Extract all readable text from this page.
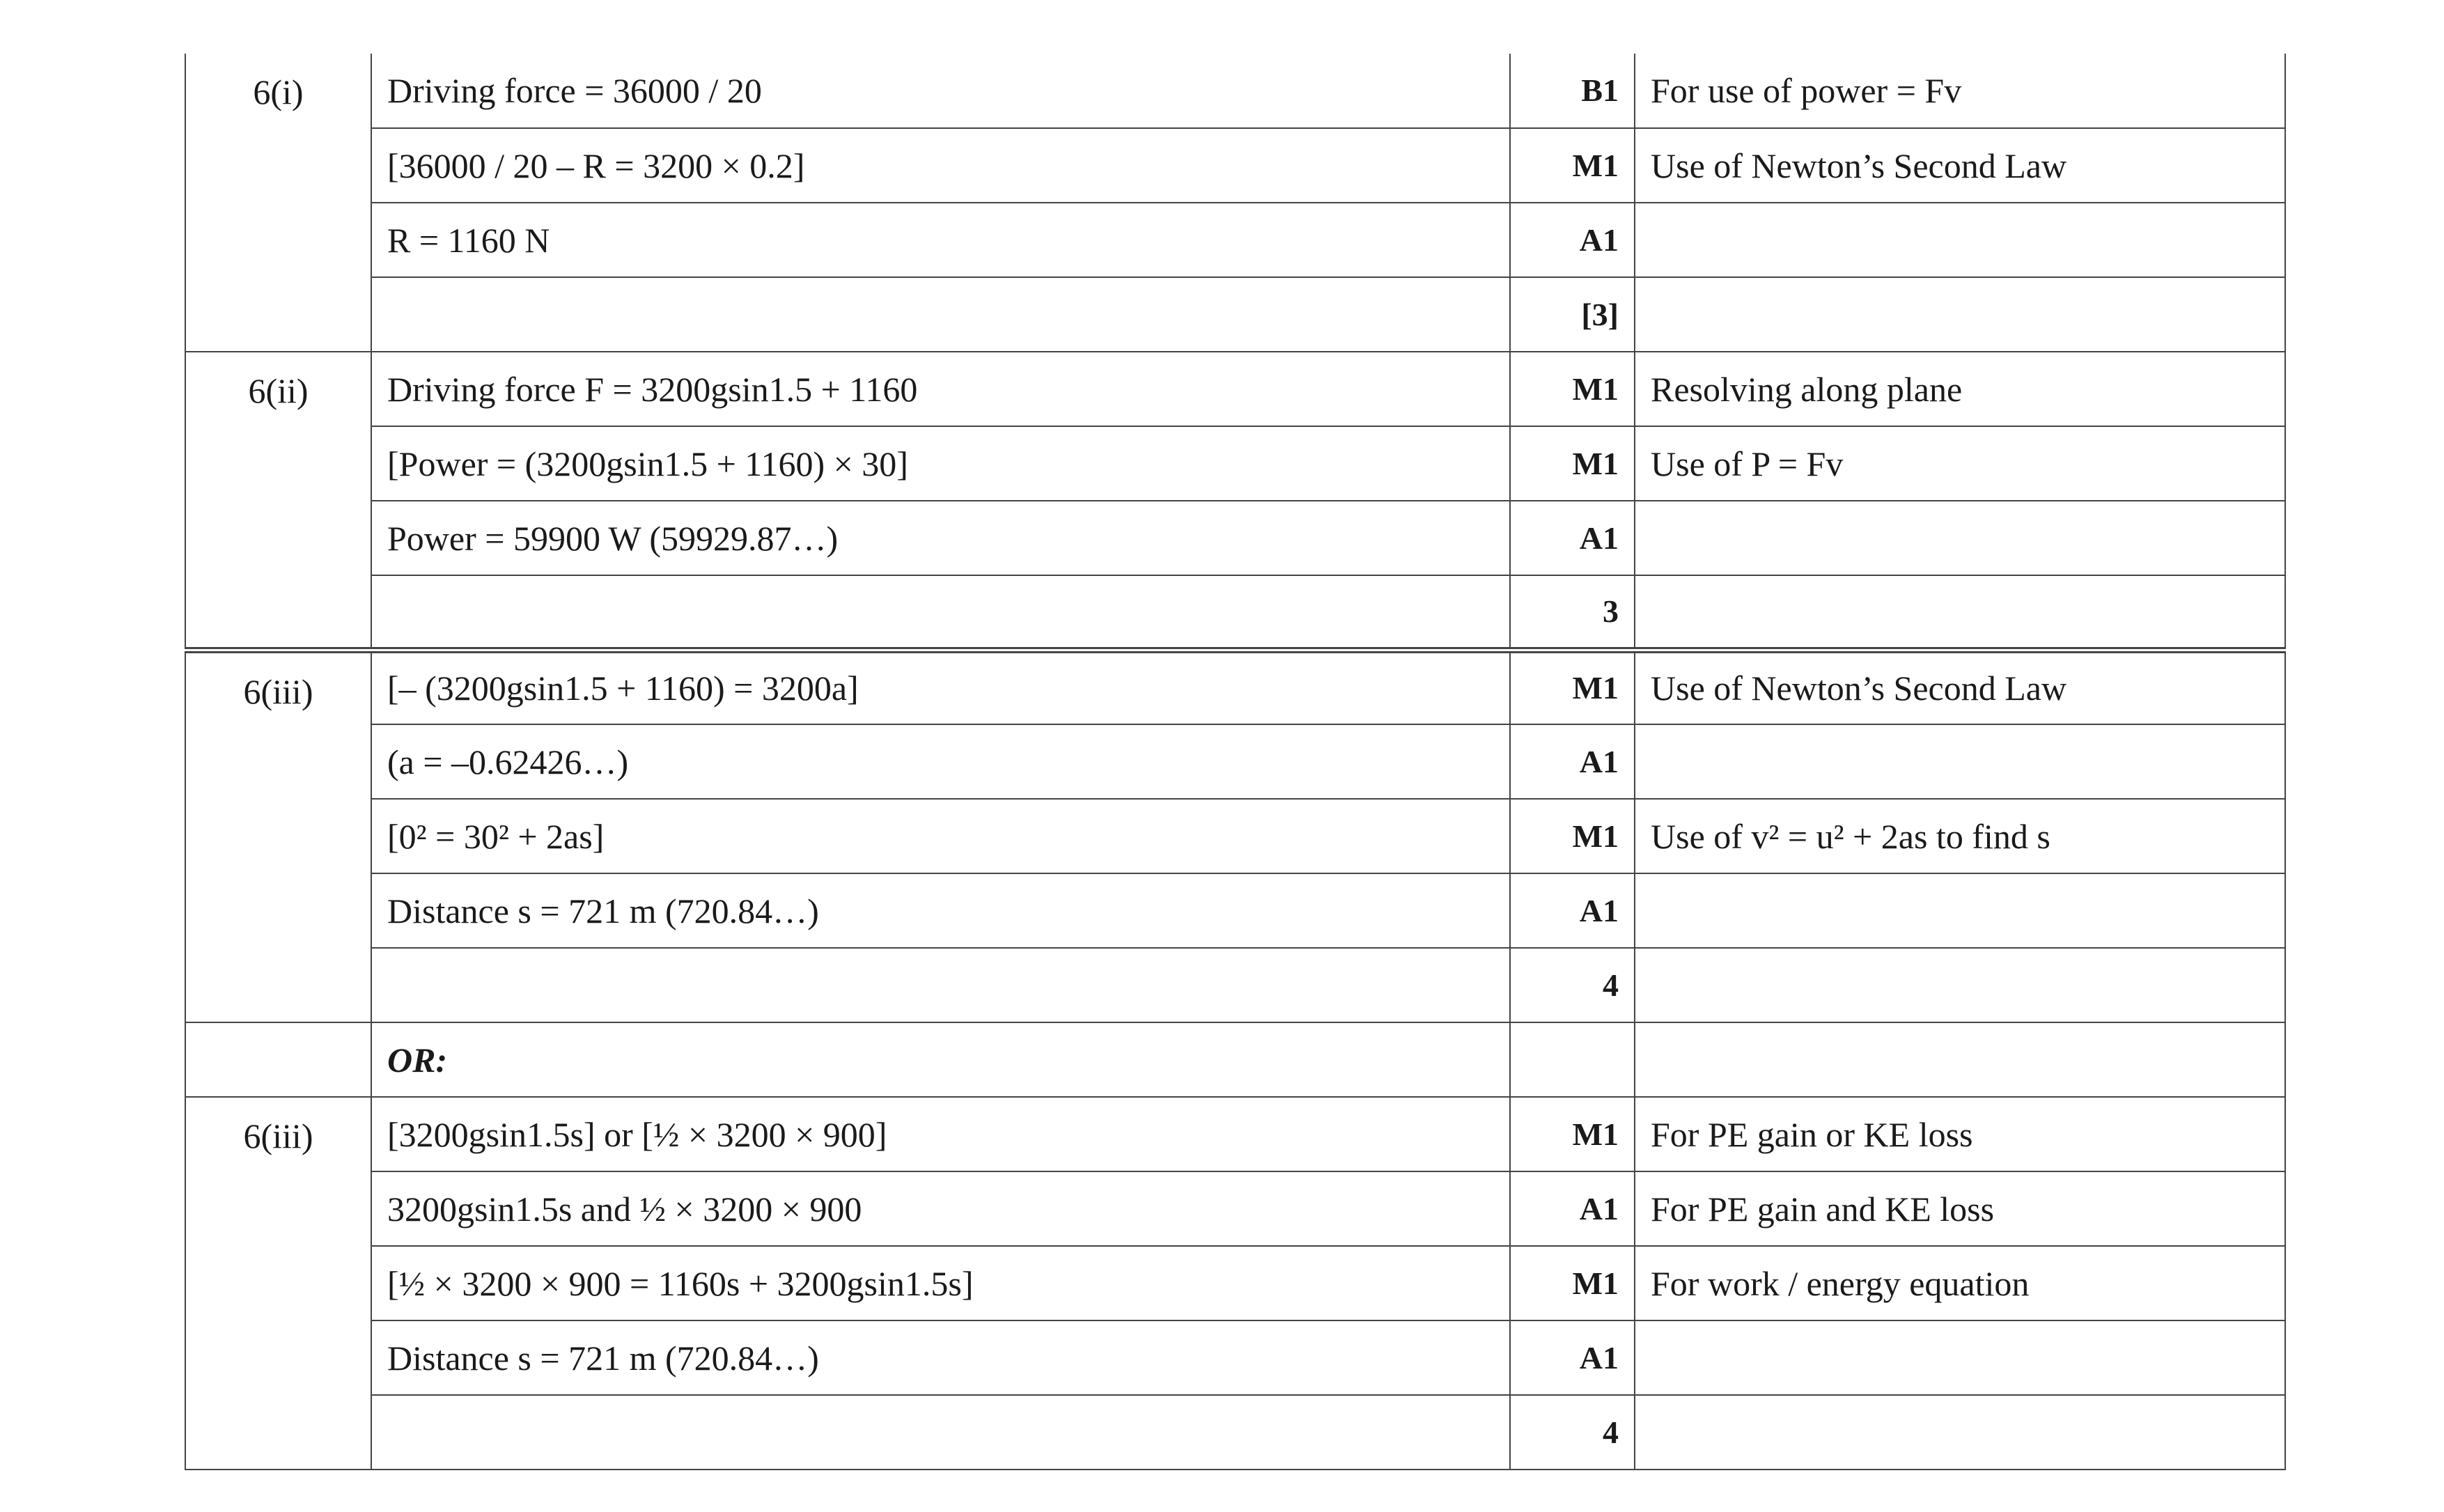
6(i)	Driving force = 36000 / 20	B1	For use of power = Fv
	[36000 / 20 – R = 3200 × 0.2]	M1	Use of Newton’s Second Law
	R = 1160 N	A1	
		[3]	
6(ii)	Driving force F = 3200gsin1.5 + 1160	M1	Resolving along plane
	[Power = (3200gsin1.5 + 1160) × 30]	M1	Use of P = Fv
	Power = 59900 W (59929.87…)	A1	
		3	
6(iii)	[– (3200gsin1.5 + 1160) = 3200a]	M1	Use of Newton’s Second Law
	(a = –0.62426…)	A1	
	[0² = 30² + 2as]	M1	Use of v² = u² + 2as to find s
	Distance s = 721 m (720.84…)	A1	
		4	
	OR:		
6(iii)	[3200gsin1.5s] or [½ × 3200 × 900]	M1	For PE gain or KE loss
	3200gsin1.5s and ½ × 3200 × 900	A1	For PE gain and KE loss
	[½ × 3200 × 900 = 1160s + 3200gsin1.5s]	M1	For work / energy equation
	Distance s = 721 m (720.84…)	A1	
		4	
